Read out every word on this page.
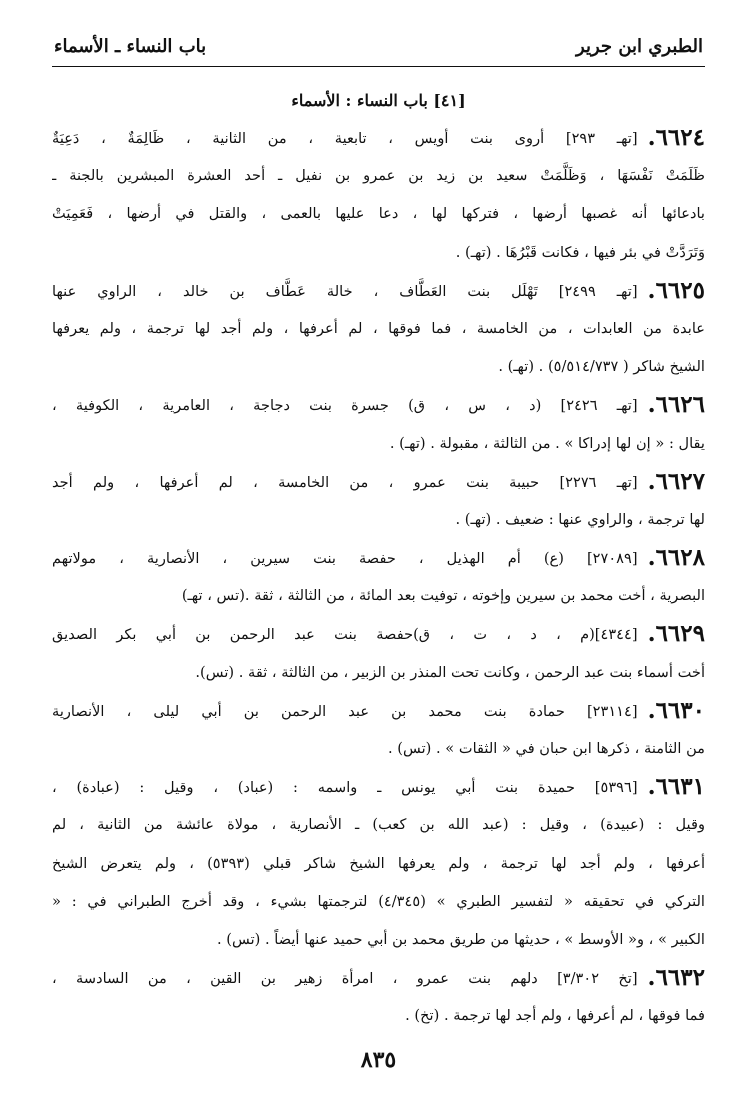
الطبري ابن جرير
باب النساء ـ الأسماء
[٤١] باب النساء : الأسماء
٦٦٢٤.[تهـ ٢٩٣] أروى بنت أويس ، تابعية ، من الثانية ، ظَالِمَةٌ ، دَعِيَةٌ
ظَلَمَتْ نَفْسَهَا ، وَظَلَّمَتْ سعيد بن زيد بن عمرو بن نفيل ـ أحد العشرة المبشرين بالجنة ـ
بادعائها أنه غصبها أرضها ، فتركها لها ، دعا عليها بالعمى ، والقتل في أرضها ، فَعَمِيَتْ
وَتَرَدَّتْ في بئر فيها ، فكانت قَبْرُهَا . (تهـ) .
٦٦٢٥.[تهـ ٢٤٩٩] تَهْلَل بنت العَطَّاف ، خالة عَطَّاف بن خالد ، الراوي عنها
عابدة من العابدات ، من الخامسة ، فما فوقها ، لم أعرفها ، ولم أجد لها ترجمة ، ولم يعرفها
الشيخ شاكر ( ٥/٥١٤/٧٣٧) . (تهـ) .
٦٦٢٦.[تهـ ٢٤٢٦] (د ، س ، ق) جسرة بنت دجاجة ، العامرية ، الكوفية ،
يقال : « إن لها إدراكا » . من الثالثة ، مقبولة . (تهـ) .
٦٦٢٧.[تهـ ٢٢٧٦] حبيبة بنت عمرو ، من الخامسة ، لم أعرفها ، ولم أجد
لها ترجمة ، والراوي عنها : ضعيف . (تهـ) .
٦٦٢٨.[٢٧٠٨٩] (ع) أم الهذيل ، حفصة بنت سيرين ، الأنصارية ، مولاتهم
البصرية ، أخت محمد بن سيرين وإخوته ، توفيت بعد المائة ، من الثالثة ، ثقة .(تس ، تهـ)
٦٦٢٩.[٤٣٤٤](م ، د ، ت ، ق)حفصة بنت عبد الرحمن بن أبي بكر الصديق
أخت أسماء بنت عبد الرحمن ، وكانت تحت المنذر بن الزبير ، من الثالثة ، ثقة . (تس).
٦٦٣٠.[٢٣١١٤] حمادة بنت محمد بن عبد الرحمن بن أبي ليلى ، الأنصارية
من الثامنة ، ذكرها ابن حبان في « الثقات » . (تس) .
٦٦٣١.[٥٣٩٦] حميدة بنت أبي يونس ـ واسمه : (عباد) ، وقيل : (عبادة) ،
وقيل : (عبيدة) ، وقيل : (عبد الله بن كعب) ـ الأنصارية ، مولاة عائشة من الثانية ، لم
أعرفها ، ولم أجد لها ترجمة ، ولم يعرفها الشيخ شاكر قبلي (٥٣٩٣) ، ولم يتعرض الشيخ
التركي في تحقيقه « لتفسير الطبري » (٤/٣٤٥) لترجمتها بشيء ، وقد أخرج الطبراني في : «
الكبير » ، و« الأوسط » ، حديثها من طريق محمد بن أبي حميد عنها أيضاً . (تس) .
٦٦٣٢.[تخ ٣/٣٠٢] دلهم بنت عمرو ، امرأة زهير بن القين ، من السادسة ،
فما فوقها ، لم أعرفها ، ولم أجد لها ترجمة . (تخ) .
٨٣٥
